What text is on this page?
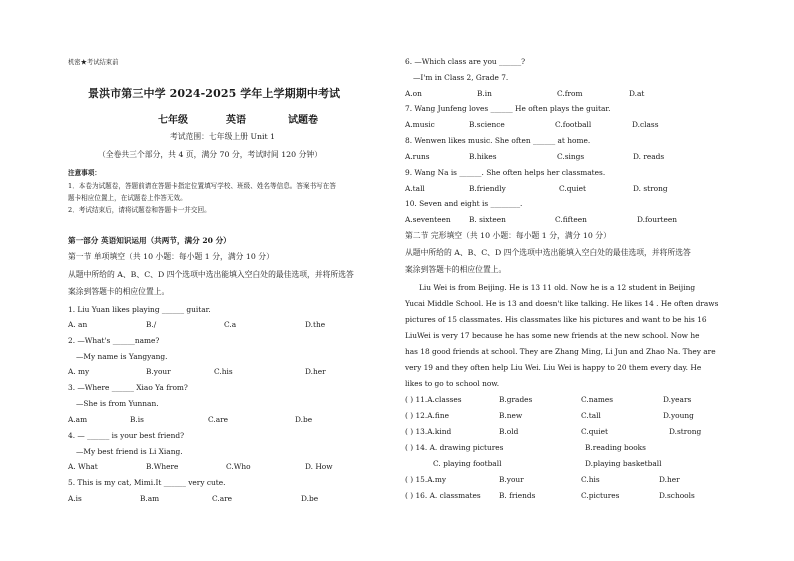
机密★考试结束前
景洪市第三中学 2024-2025 学年上学期期中考试
七年级	英语	试题卷
考试范围：七年级上册 Unit 1
（全卷共三个部分，共 4 页，满分 70 分，考试时间 120 分钟）
注意事项：
1．本卷为试题卷，答题前请在答题卡指定位置填写学校、班级、姓名等信息。答案书写在答
题卡相应位置上，在试题卷上作答无效。
2．考试结束后，请将试题卷和答题卡一并交回。
第一部分 英语知识运用（共两节，满分 20 分）
第一节 单项填空（共 10 小题：每小题 1 分，满分 10 分）
从题中所给的 A、B、C、D 四个选项中选出能填入空白处的最佳选项，并将所选答
案涂到答题卡的相应位置上。
1. Liu Yuan likes playing ______ guitar.
A. an	B./	C.a	D.the
2. —What's ______name?
—My name is Yangyang.
A. my	B.your	C.his	D.her
3. —Where ______ Xiao Ya from?
—She is from Yunnan.
A.am	B.is	C.are	D.be
4. — ______ is your best friend?
—My best friend is Li Xiang.
A. What	B.Where	C.Who	D. How
5. This is my cat, Mimi.It ______ very cute.
A.is	B.am	C.are	D.be
6. —Which class are you ______?
—I'm in Class 2, Grade 7.
A.on	B.in	C.from	D.at
7. Wang Junfeng loves ______ He often plays the guitar.
A.music	B.science	C.football	D.class
8. Wenwen likes music. She often ______ at home.
A.runs	B.hikes	C.sings	D. reads
9. Wang Na is ______. She often helps her classmates.
A.tall	B.friendly	C.quiet	D. strong
10. Seven and eight is ________.
A.seventeen B. sixteen	C.fifteen	D.fourteen
第二节 完形填空（共 10 小题：每小题 1 分，满分 10 分）
从题中所给的 A、B、C、D 四个选项中选出能填入空白处的最佳选项，并将所选答
案涂到答题卡的相应位置上。
Liu Wei is from Beijing. He is 13 11 old. Now he is a 12 student in Beijing
Yucai Middle School. He is 13 and doesn't like talking. He likes 14 . He often draws
pictures of 15 classmates. His classmates like his pictures and want to be his 16
LiuWei is very 17 because he has some new friends at the new school. Now he
has 18 good friends at school. They are Zhang Ming, Li Jun and Zhao Na. They are
very 19 and they often help Liu Wei. Liu Wei is happy to 20 them every day. He
likes to go to school now.
( ) 11.A.classes	B.grades	C.names	D.years
( ) 12.A.fine	B.new	C.tall	D.young
( ) 13.A.kind	B.old	C.quiet	D.strong
( ) 14. A. drawing pictures	B.reading books
C. playing football	D.playing basketball
( ) 15.A.my	B.your	C.his	D.her
( ) 16. A. classmates B. friends	C.pictures	D.schools
